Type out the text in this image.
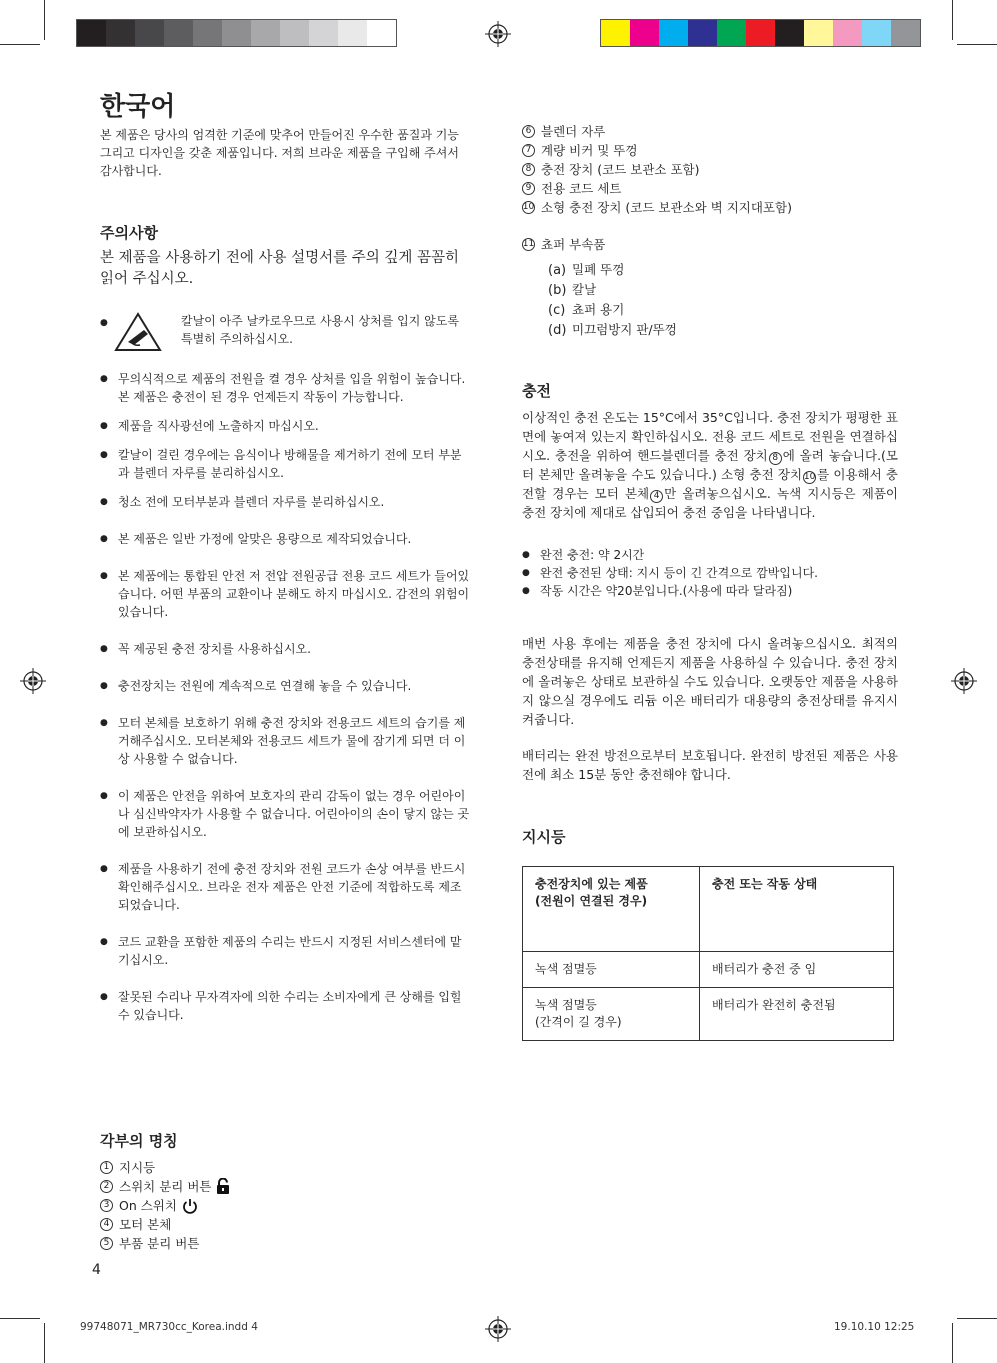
한국어

본 제품은 당사의 엄격한 기준에 맞추어 만들어진 우수한 품질과 기능 그리고 디자인을 갖춘 제품입니다. 저희 브라운 제품을 구입해 주셔서 감사합니다.

주의사항

본 제품을 사용하기 전에 사용 설명서를 주의 깊게 꼼꼼히 읽어 주십시오.

●	칼날이 아주 날카로우므로 사용시 상처를 입지 않도록 특별히 주의하십시오.
● 무의식적으로 제품의 전원을 켤 경우 상처를 입을 위험이 높습니다. 본 제품은 충전이 된 경우 언제든지 작동이 가능합니다.
● 제품을 직사광선에 노출하지 마십시오.
● 칼날이 걸린 경우에는 음식이나 방해물을 제거하기 전에 모터 부분과 블렌더 자루를 분리하십시오.
● 청소 전에 모터부분과 블렌더 자루를 분리하십시오.
● 본 제품은 일반 가정에 알맞은 용량으로 제작되었습니다.
● 본 제품에는 통합된 안전 저 전압 전원공급 전용 코드 세트가 들어있습니다. 어떤 부품의 교환이나 분해도 하지 마십시오. 감전의 위험이 있습니다.
● 꼭 제공된 충전 장치를 사용하십시오.
● 충전장치는 전원에 계속적으로 연결해 놓을 수 있습니다.
● 모터 본체를 보호하기 위해 충전 장치와 전용코드 세트의 습기를 제거해주십시오. 모터본체와 전용코드 세트가 물에 잠기게 되면 더 이상 사용할 수 없습니다.
● 이 제품은 안전을 위하여 보호자의 관리 감독이 없는 경우 어린아이나 심신박약자가 사용할 수 없습니다. 어린아이의 손이 닿지 않는 곳에 보관하십시오.
● 제품을 사용하기 전에 충전 장치와 전원 코드가 손상 여부를 반드시 확인해주십시오. 브라운 전자 제품은 안전 기준에 적합하도록 제조되었습니다.
● 코드 교환을 포함한 제품의 수리는 반드시 지정된 서비스센터에 맡기십시오.
● 잘못된 수리나 무자격자에 의한 수리는 소비자에게 큰 상해를 입힐 수 있습니다.
각부의 명칭
1 지시등
2 스위치 분리 버튼
3 On 스위치
4 모터 본체
5 부품 분리 버튼
4
6 블렌더 자루
7 계량 비커 및 뚜껑
8 충전 장치 (코드 보관소 포함)
9 전용 코드 세트
10 소형 충전 장치 (코드 보관소와 벽 지지대포함)
11 쵸퍼 부속품
(a) 밀폐 뚜껑
(b) 칼날
(c) 쵸퍼 용기
(d) 미끄럼방지 판/뚜껑
충전

이상적인 충전 온도는 15°C에서 35°C입니다. 충전 장치가 평평한 표면에 놓여져 있는지 확인하십시오. 전용 코드 세트로 전원을 연결하십시오. 충전을 위하여 핸드블렌더를 충전 장치 8 에 올려 놓습니다.(모터 본체만 올려놓을 수도 있습니다.) 소형 충전 장치 10 를 이용해서 충전할 경우는 모터 본체 4 만 올려놓으십시오. 녹색 지시등은 제품이 충전 장치에 제대로 삽입되어 충전 중임을 나타냅니다.

● 완전 충전: 약 2시간
● 완전 충전된 상태: 지시 등이 긴 간격으로 깜박입니다.
● 작동 시간은 약20분입니다.(사용에 따라 달라짐)

매번 사용 후에는 제품을 충전 장치에 다시 올려놓으십시오. 최적의 충전상태를 유지해 언제든지 제품을 사용하실 수 있습니다. 충전 장치에 올려놓은 상태로 보관하실 수도 있습니다. 오랫동안 제품을 사용하지 않으실 경우에도 리듐 이온 배터리가 대용량의 충전상태를 유지시켜줍니다.

배터리는 완전 방전으로부터 보호됩니다. 완전히 방전된 제품은 사용 전에 최소 15분 동안 충전해야 합니다.

지시등
충전장치에 있는 제품
(전원이 연결된 경우)	충전 또는 작동 상태
녹색 점멸등	배터리가 충전 중 임
녹색 점멸등
(간격이 길 경우)	배터리가 완전히 충전됨
99748071_MR730cc_Korea.indd 4	19.10.10 12:25
